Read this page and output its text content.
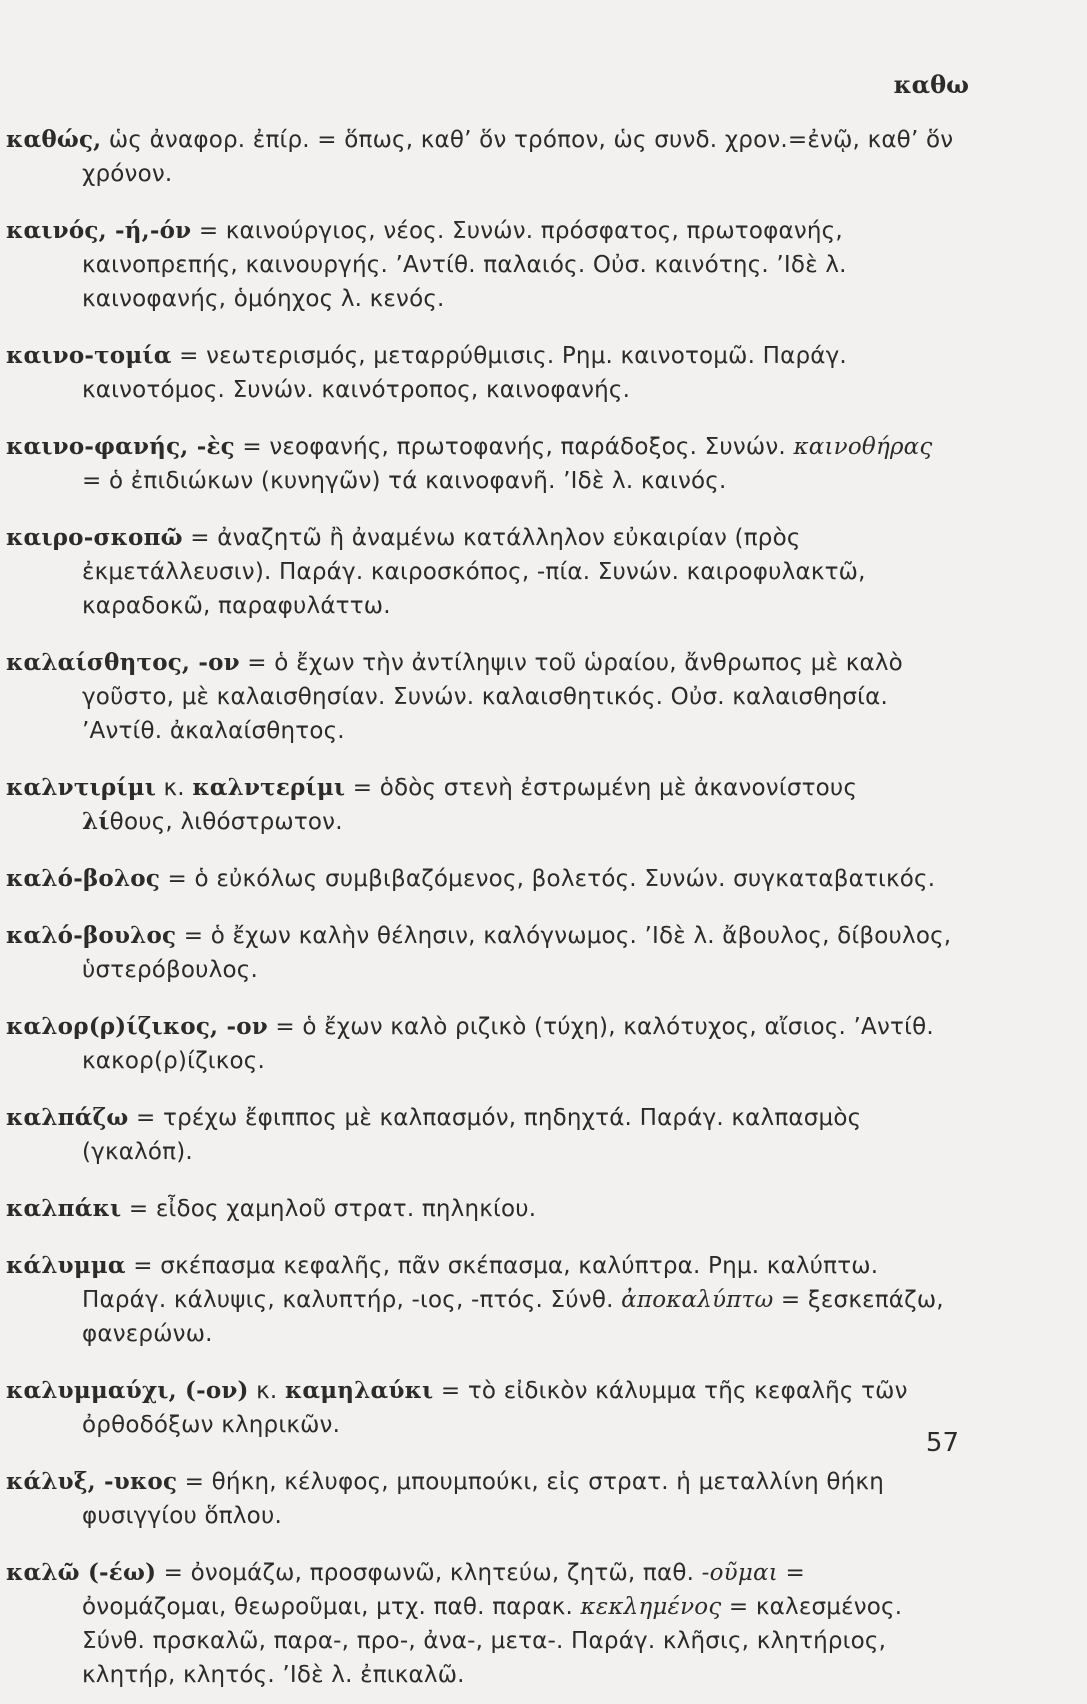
καθω

καθώς, ὡς ἀναφορ. ἐπίρ. = ὅπως, καθ’ ὅν τρόπον, ὡς συνδ. χρον.=ἐνῷ, καθ’ ὅν χρόνον.

καινός, -ή,-όν = καινούργιος, νέος. Συνών. πρόσφατος, πρωτοφανής, καινοπρεπής, καινουργής. ’Αντίθ. παλαιός. Οὐσ. καινότης. ’Ιδὲ λ. καινοφανής, ὁμόηχος λ. κενός.

καινο-τομία = νεωτερισμός, μεταρρύθμισις. Ρημ. καινοτομῶ. Παράγ. καινοτόμος. Συνών. καινότροπος, καινοφανής.

καινο-φανής, -ὲς = νεοφανής, πρωτοφανής, παράδοξος. Συνών. καινοθήρας = ὁ ἐπιδιώκων (κυνηγῶν) τά καινοφανῆ. ’Ιδὲ λ. καινός.

καιρο-σκοπῶ = ἀναζητῶ ἢ ἀναμένω κατάλληλον εὐκαιρίαν (πρὸς ἐκμετάλλευσιν). Παράγ. καιροσκόπος, -πία. Συνών. καιροφυλακτῶ, καραδοκῶ, παραφυλάττω.

καλαίσθητος, -ον = ὁ ἔχων τὴν ἀντίληψιν τοῦ ὡραίου, ἄνθρωπος μὲ καλὸ γοῦστο, μὲ καλαισθησίαν. Συνών. καλαισθητικός. Οὐσ. καλαισθησία. ’Αντίθ. ἀκαλαίσθητος.

καλντιρίμι κ. καλντερίμι = ὁδὸς στενὴ ἐστρωμένη μὲ ἀκανονίστους λίθους, λιθόστρωτον.

καλό-βολος = ὁ εὐκόλως συμβιβαζόμενος, βολετός. Συνών. συγκαταβατικός.

καλό-βουλος = ὁ ἔχων καλὴν θέλησιν, καλόγνωμος. ’Ιδὲ λ. ἄβουλος, δίβουλος, ὑστερόβουλος.

καλορ(ρ)ίζικος, -ον = ὁ ἔχων καλὸ ριζικὸ (τύχη), καλότυχος, αἴσιος. ’Αντίθ. κακορ(ρ)ίζικος.

καλπάζω = τρέχω ἔφιππος μὲ καλπασμόν, πηδηχτά. Παράγ. καλπασμὸς (γκαλόπ).

καλπάκι = εἶδος χαμηλοῦ στρατ. πηληκίου.

κάλυμμα = σκέπασμα κεφαλῆς, πᾶν σκέπασμα, καλύπτρα. Ρημ. καλύπτω. Παράγ. κάλυψις, καλυπτήρ, -ιος, -πτός. Σύνθ. ἀποκαλύπτω = ξεσκεπάζω, φανερώνω.

καλυμμαύχι, (-ον) κ. καμηλαύκι = τὸ εἰδικὸν κάλυμμα τῆς κεφαλῆς τῶν ὀρθοδόξων κληρικῶν.

κάλυξ, -υκος = θήκη, κέλυφος, μπουμπούκι, εἰς στρατ. ἡ μεταλλίνη θήκη φυσιγγίου ὅπλου.

καλῶ (-έω) = ὀνομάζω, προσφωνῶ, κλητεύω, ζητῶ, παθ. -οῦμαι = ὀνομάζομαι, θεωροῦμαι, μτχ. παθ. παρακ. κεκλημένος = καλεσμένος. Σύνθ. πρσκαλῶ, παρα-, προ-, ἀνα-, μετα-. Παράγ. κλῆσις, κλητήριος, κλητήρ, κλητός. ’Ιδὲ λ. ἐπικαλῶ.

57
